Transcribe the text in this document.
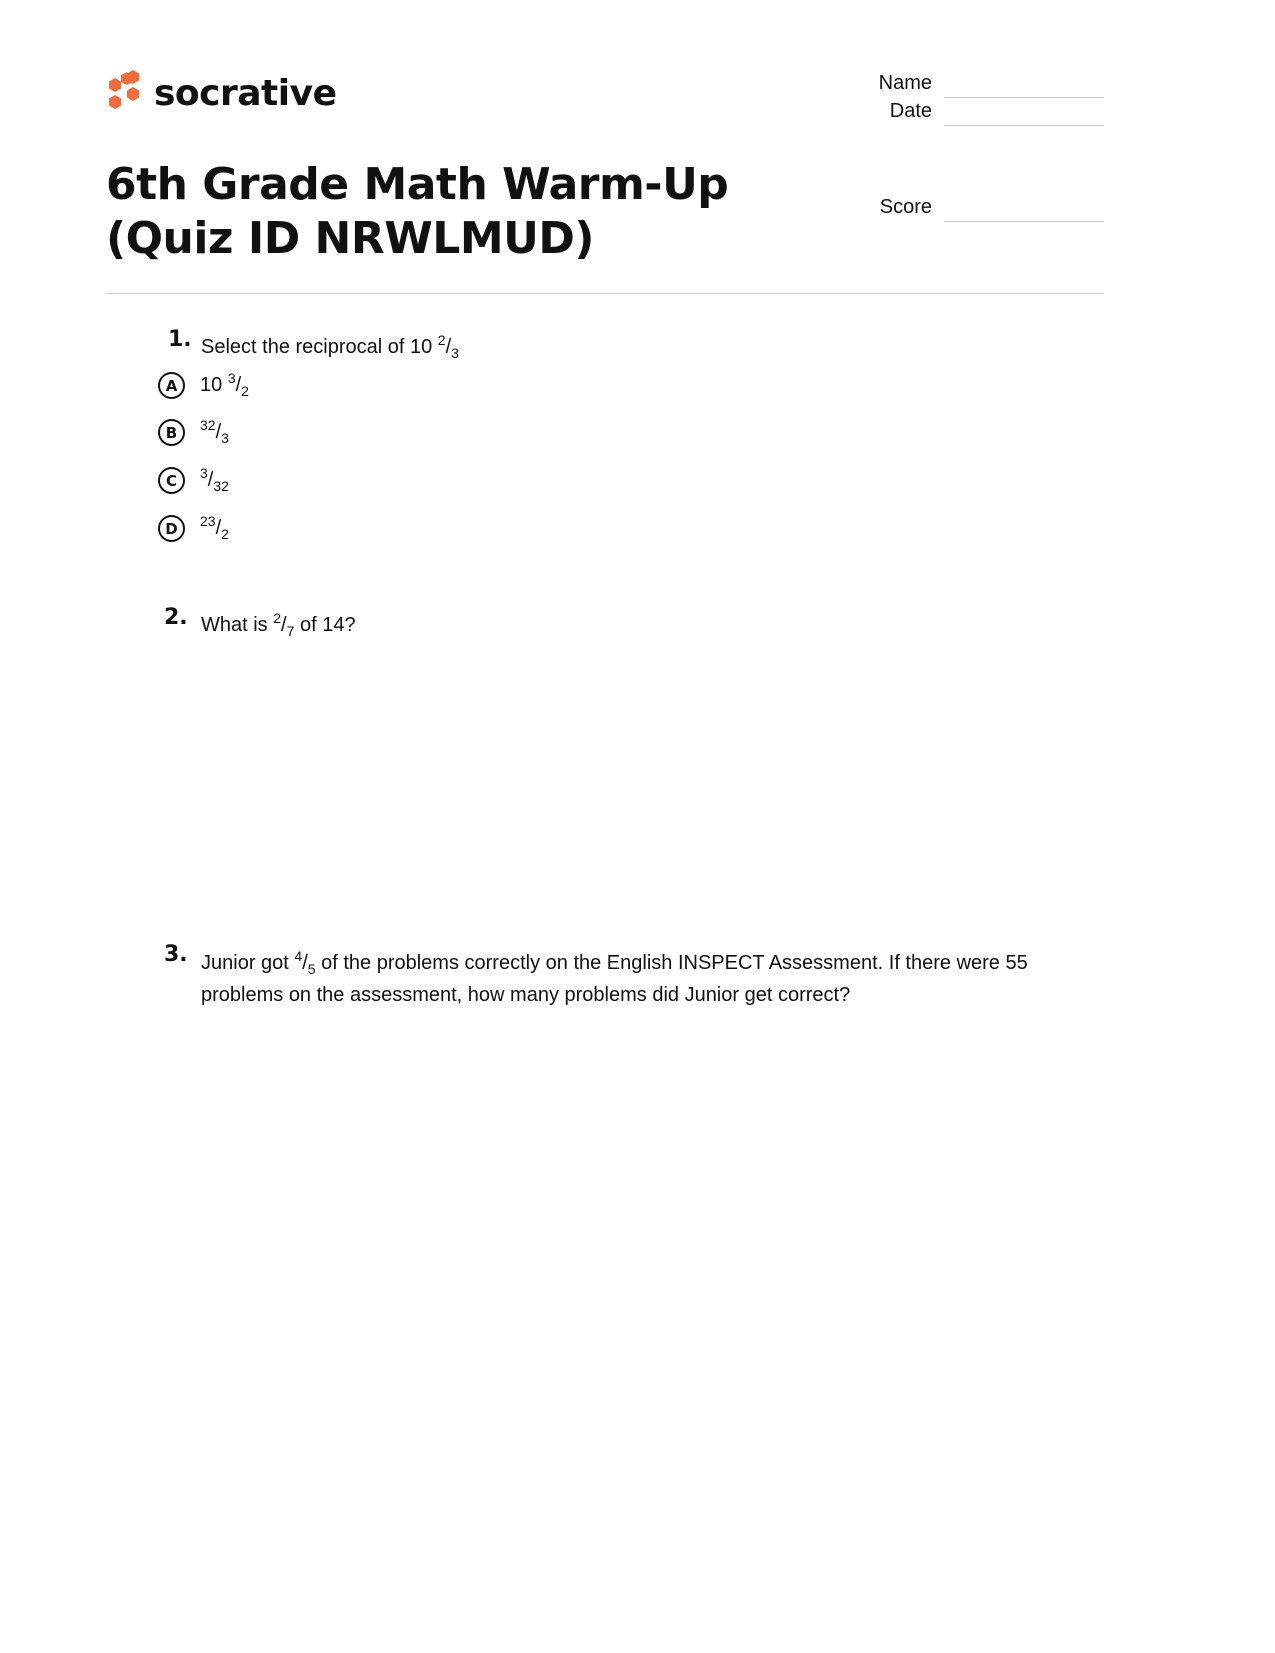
socrative	Name
Date
Score
6th Grade Math Warm-Up (Quiz ID NRWLMUD)
1. Select the reciprocal of 10 $^2/_3$
A	10 $^3/_2$
B	$^{32}/_3$
C	$^3/_{32}$
D	$^{23}/_2$
2. What is $^2/_7$ of 14?
3. Junior got $^4/_5$ of the problems correctly on the English INSPECT Assessment. If there were 55 problems on the assessment, how many problems did Junior get correct?
